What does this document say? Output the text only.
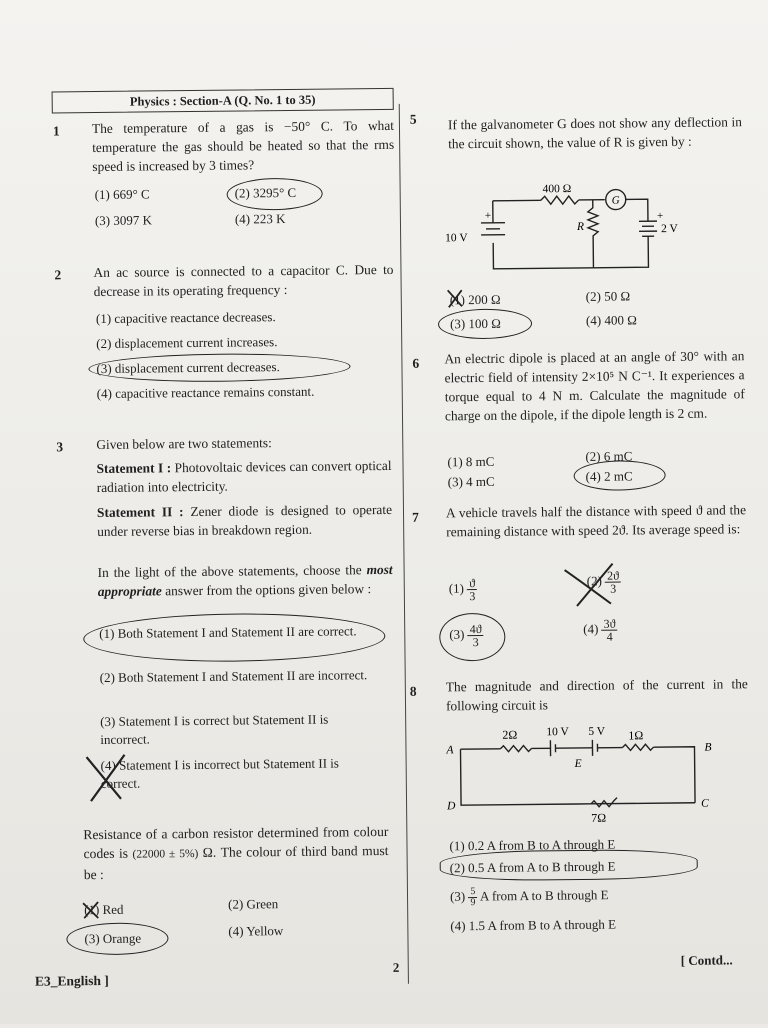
Physics : Section-A (Q. No. 1 to 35)
1 The temperature of a gas is −50° C. To what temperature the gas should be heated so that the rms speed is increased by 3 times?
(1) 669° C	(2) 3295° C
(3) 3097 K	(4) 223 K
2 An ac source is connected to a capacitor C. Due to decrease in its operating frequency :
(1) capacitive reactance decreases.
(2) displacement current increases.
(3) displacement current decreases.
(4) capacitive reactance remains constant.
3 Given below are two statements:
Statement I : Photovoltaic devices can convert optical radiation into electricity.
Statement II : Zener diode is designed to operate under reverse bias in breakdown region.
In the light of the above statements, choose the most appropriate answer from the options given below :
(1) Both Statement I and Statement II are correct.
(2) Both Statement I and Statement II are incorrect.
(3) Statement I is correct but Statement II is incorrect.
(4) Statement I is incorrect but Statement II is correct.
Resistance of a carbon resistor determined from colour codes is (22000 ± 5%) Ω. The colour of third band must be :
(1) Red	(2) Green
(3) Orange	(4) Yellow
5 If the galvanometer G does not show any deflection in the circuit shown, the value of R is given by :
400 Ω
G
R
10 V
2 V
+	+
(1) 200 Ω	(2) 50 Ω
(3) 100 Ω	(4) 400 Ω
6 An electric dipole is placed at an angle of 30° with an electric field of intensity 2×10⁵ N C⁻¹. It experiences a torque equal to 4 N m. Calculate the magnitude of charge on the dipole, if the dipole length is 2 cm.
(1) 8 mC	(2) 6 mC
(3) 4 mC	(4) 2 mC
7 A vehicle travels half the distance with speed ϑ and the remaining distance with speed 2ϑ. Its average speed is:
$(1) \frac{ϑ}{3}$	$(2) \frac{2ϑ}{3}$
$(3) \frac{4ϑ}{3}$	$(4) \frac{3ϑ}{4}$
8 The magnitude and direction of the current in the following circuit is
2Ω	10 V 5 V 1Ω
E
A	B
C
D
7Ω
(1) 0.2 A from B to A through E
(2) 0.5 A from A to B through E
$(3) \frac{5}{9}$ A from A to B through E
(4) 1.5 A from B to A through E
E3_English ]
2	[ Contd...
